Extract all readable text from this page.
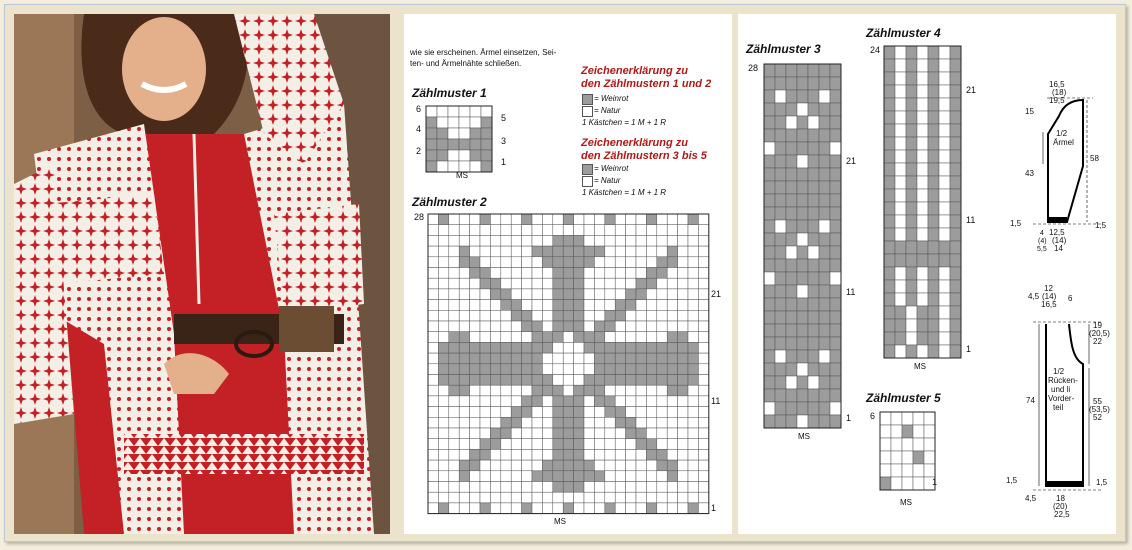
wie sie erscheinen. Ärmel einsetzen, Sei-
ten- und Ärmelnähte schließen.
Zählmuster 1
6
4
2
5
3
1
MS
Zeichenerklärung zu
den Zählmustern 1 und 2
= Weinrot
= Natur
1 Kästchen = 1 M + 1 R
Zeichenerklärung zu
den Zählmustern 3 bis 5
= Weinrot
= Natur
1 Kästchen = 1 M + 1 R
Zählmuster 2
28
21
11
1
MS
Zählmuster 3
28
21
11
1
MS
Zählmuster 4
24
21
11
1
MS
Zählmuster 5
6
1
MS
16,5
(18)
19,5
15
43
58
1/2
Ärmel
1,5	1,5
12,5
(14)
14
4
(4)
5,5
12
(14)
16,5
4,5	6
19
(20,5)
22
55
(53,5)
52
74
1/2
Rücken-
und li
Vorder-
teil
1,5	1,5
18
(20)
22,5
4,5
